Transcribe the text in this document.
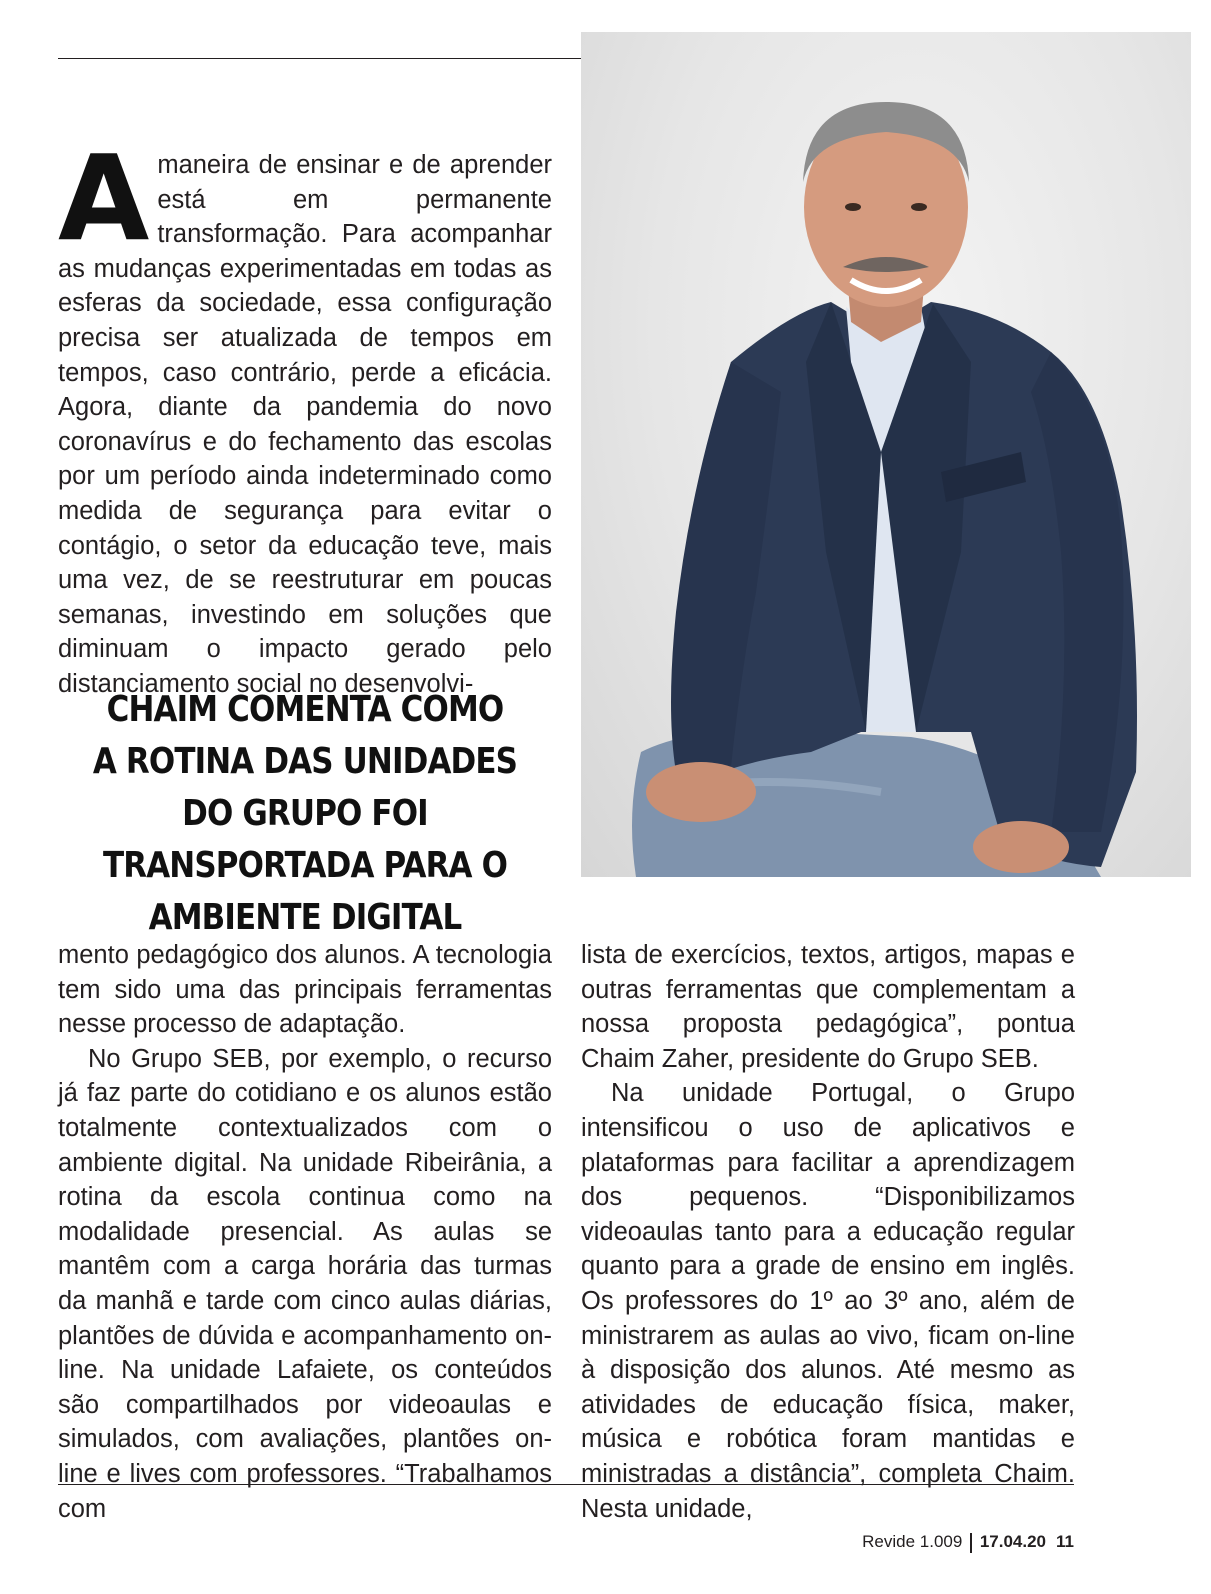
A maneira de ensinar e de aprender está em permanente transformação. Para acompanhar as mudanças experimentadas em todas as esferas da sociedade, essa configuração precisa ser atualizada de tempos em tempos, caso contrário, perde a eficácia. Agora, diante da pandemia do novo coronavírus e do fechamento das escolas por um período ainda indeterminado como medida de segurança para evitar o contágio, o setor da educação teve, mais uma vez, de se reestruturar em poucas semanas, investindo em soluções que diminuam o impacto gerado pelo distanciamento social no desenvolvi-
CHAIM COMENTA COMO A ROTINA DAS UNIDADES DO GRUPO FOI TRANSPORTADA PARA O AMBIENTE DIGITAL

mento pedagógico dos alunos. A tecnologia tem sido uma das principais ferramentas nesse processo de adaptação.

No Grupo SEB, por exemplo, o recurso já faz parte do cotidiano e os alunos estão totalmente contextualizados com o ambiente digital. Na unidade Ribeirânia, a rotina da escola continua como na modalidade presencial. As aulas se mantêm com a carga horária das turmas da manhã e tarde com cinco aulas diárias, plantões de dúvida e acompanhamento on-line. Na unidade Lafaiete, os conteúdos são compartilhados por videoaulas e simulados, com avaliações, plantões on-line e lives com professores. “Trabalhamos com

lista de exercícios, textos, artigos, mapas e outras ferramentas que complementam a nossa proposta pedagógica”, pontua Chaim Zaher, presidente do Grupo SEB.

Na unidade Portugal, o Grupo intensificou o uso de aplicativos e plataformas para facilitar a aprendizagem dos pequenos. “Disponibilizamos videoaulas tanto para a educação regular quanto para a grade de ensino em inglês. Os professores do 1º ao 3º ano, além de ministrarem as aulas ao vivo, ficam on-line à disposição dos alunos. Até mesmo as atividades de educação física, maker, música e robótica foram mantidas e ministradas a distância”, completa Chaim. Nesta unidade,

Revide 1.009 17.04.20 11
